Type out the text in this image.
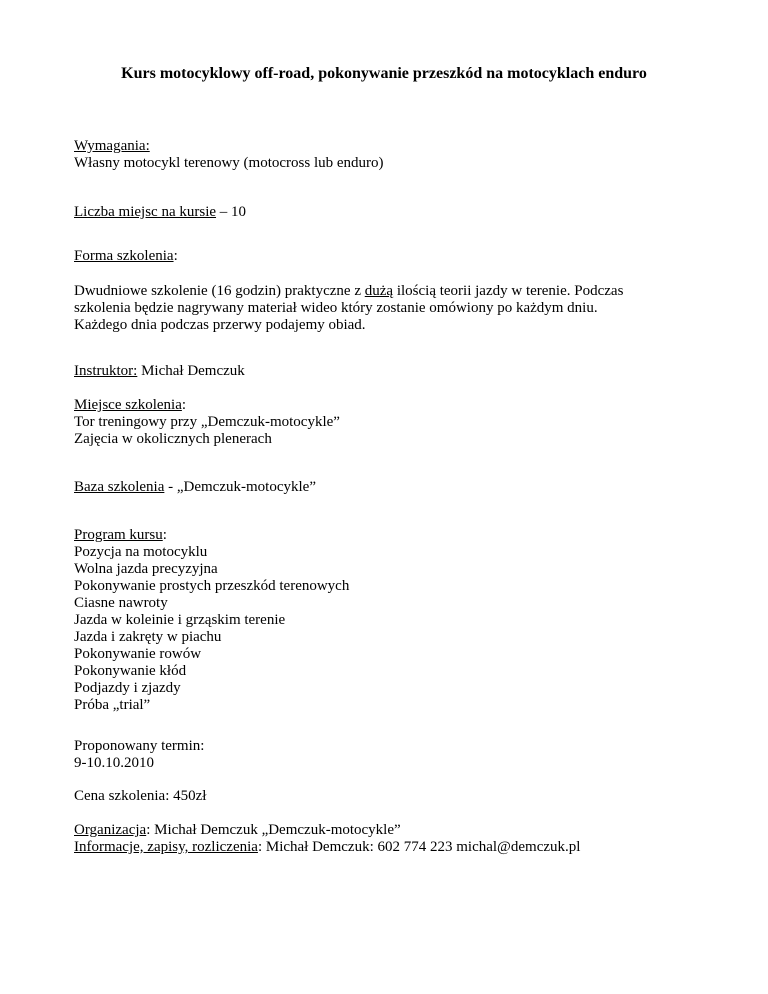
Kurs motocyklowy off-road, pokonywanie przeszkód na motocyklach enduro
Wymagania:
Własny motocykl terenowy (motocross lub enduro)
Liczba miejsc na kursie – 10
Forma szkolenia:
Dwudniowe szkolenie (16 godzin) praktyczne z dużą ilością teorii jazdy w terenie. Podczas
szkolenia będzie nagrywany materiał wideo który zostanie omówiony po każdym dniu.
Każdego dnia podczas przerwy podajemy obiad.
Instruktor: Michał Demczuk
Miejsce szkolenia:
Tor treningowy przy „Demczuk-motocykle”
Zajęcia w okolicznych plenerach
Baza szkolenia - „Demczuk-motocykle”
Program kursu:
Pozycja na motocyklu
Wolna jazda precyzyjna
Pokonywanie prostych przeszkód terenowych
Ciasne nawroty
Jazda w koleinie i grząskim terenie
Jazda i zakręty w piachu
Pokonywanie rowów
Pokonywanie kłód
Podjazdy i zjazdy
Próba „trial”
Proponowany termin:
9-10.10.2010
Cena szkolenia: 450zł
Organizacja: Michał Demczuk „Demczuk-motocykle”
Informacje, zapisy, rozliczenia: Michał Demczuk: 602 774 223 michal@demczuk.pl
